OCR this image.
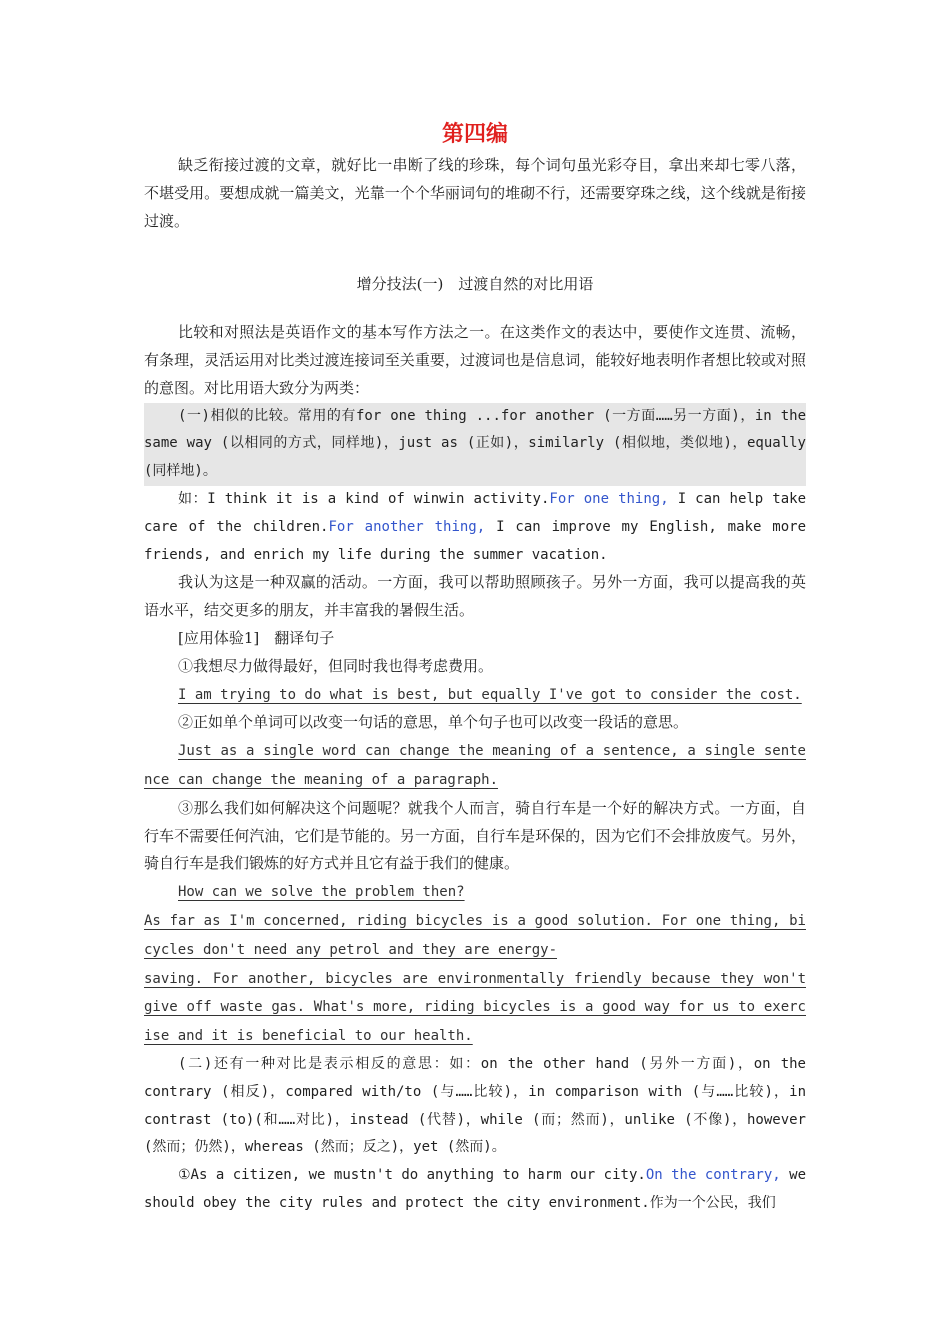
第四编

缺乏衔接过渡的文章，就好比一串断了线的珍珠，每个词句虽光彩夺目，拿出来却七零八落，不堪受用。要想成就一篇美文，光靠一个个华丽词句的堆砌不行，还需要穿珠之线，这个线就是衔接过渡。

增分技法(一)　过渡自然的对比用语

比较和对照法是英语作文的基本写作方法之一。在这类作文的表达中，要使作文连贯、流畅，有条理，灵活运用对比类过渡连接词至关重要，过渡词也是信息词，能较好地表明作者想比较或对照的意图。对比用语大致分为两类：

(一)相似的比较。常用的有for one thing ...for another (一方面……另一方面)，in the same way (以相同的方式，同样地)，just as (正如)，similarly (相似地，类似地)，equally (同样地)。

如：I think it is a kind of winwin activity.For one thing, I can help take care of the children.For another thing, I can improve my English, make more friends, and enrich my life during the summer vacation.

我认为这是一种双赢的活动。一方面，我可以帮助照顾孩子。另外一方面，我可以提高我的英语水平，结交更多的朋友，并丰富我的暑假生活。

[应用体验1]　翻译句子

①我想尽力做得最好，但同时我也得考虑费用。

I am trying to do what is best, but equally I've got to consider the cost.

②正如单个单词可以改变一句话的意思，单个句子也可以改变一段话的意思。

Just as a single word can change the meaning of a sentence, a single sentence can change the meaning of a paragraph.

③那么我们如何解决这个问题呢？就我个人而言，骑自行车是一个好的解决方式。一方面，自行车不需要任何汽油，它们是节能的。另一方面，自行车是环保的，因为它们不会排放废气。另外，骑自行车是我们锻炼的好方式并且它有益于我们的健康。

How can we solve the problem then?

As far as I'm concerned, riding bicycles is a good solution. For one thing, bicycles don't need any petrol and they are energy-

saving. For another, bicycles are environmentally friendly because they won't give off waste gas. What's more, riding bicycles is a good way for us to exercise and it is beneficial to our health.

(二)还有一种对比是表示相反的意思：如：on the other hand (另外一方面)，on the contrary (相反)，compared with/to (与……比较)，in comparison with (与……比较)，in contrast (to)(和……对比)，instead (代替)，while (而；然而)，unlike (不像)，however (然而；仍然)，whereas (然而；反之)，yet (然而)。

①As a citizen, we mustn't do anything to harm our city.On the contrary, we should obey the city rules and protect the city environment.作为一个公民，我们
